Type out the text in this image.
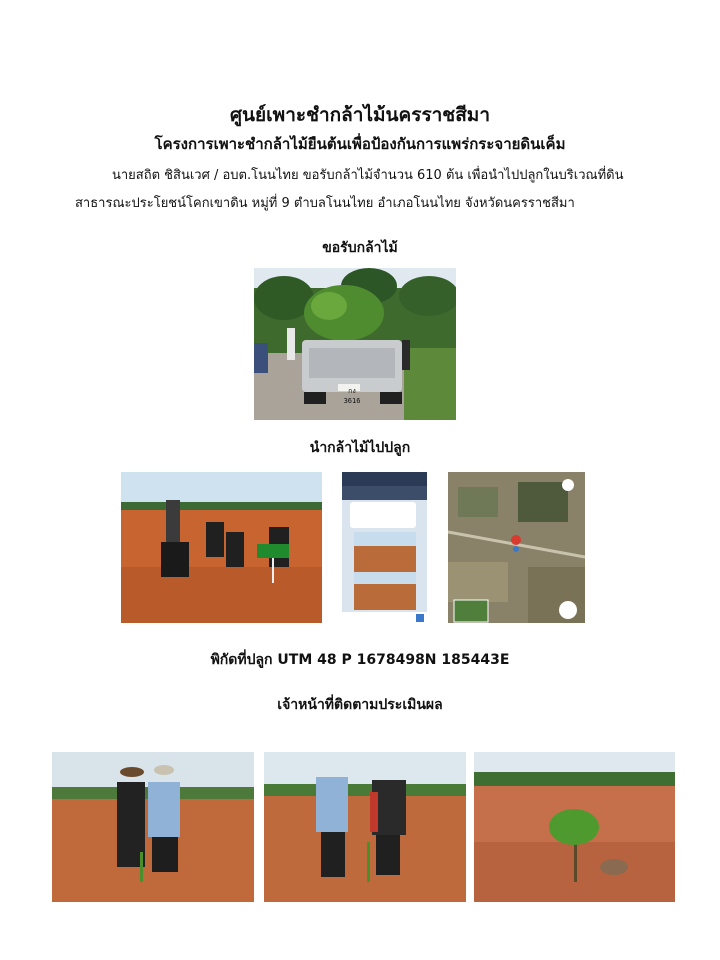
ศูนย์เพาะชำกล้าไม้นครราชสีมา
โครงการเพาะชำกล้าไม้ยืนต้นเพื่อป้องกันการแพร่กระจายดินเค็ม
นายสถิต ชิสินเวศ / อบต.โนนไทย ขอรับกล้าไม้จำนวน 610 ต้น เพื่อนำไปปลูกในบริเวณที่ดิน
สาธารณะประโยชน์โคกเขาดิน หมู่ที่ 9 ตำบลโนนไทย อำเภอโนนไทย จังหวัดนครราชสีมา
ขอรับกล้าไม้
กง 3616
นำกล้าไม้ไปปลูก
พิกัดที่ปลูก UTM 48 P 1678498N 185443E
เจ้าหน้าที่ติดตามประเมินผล
